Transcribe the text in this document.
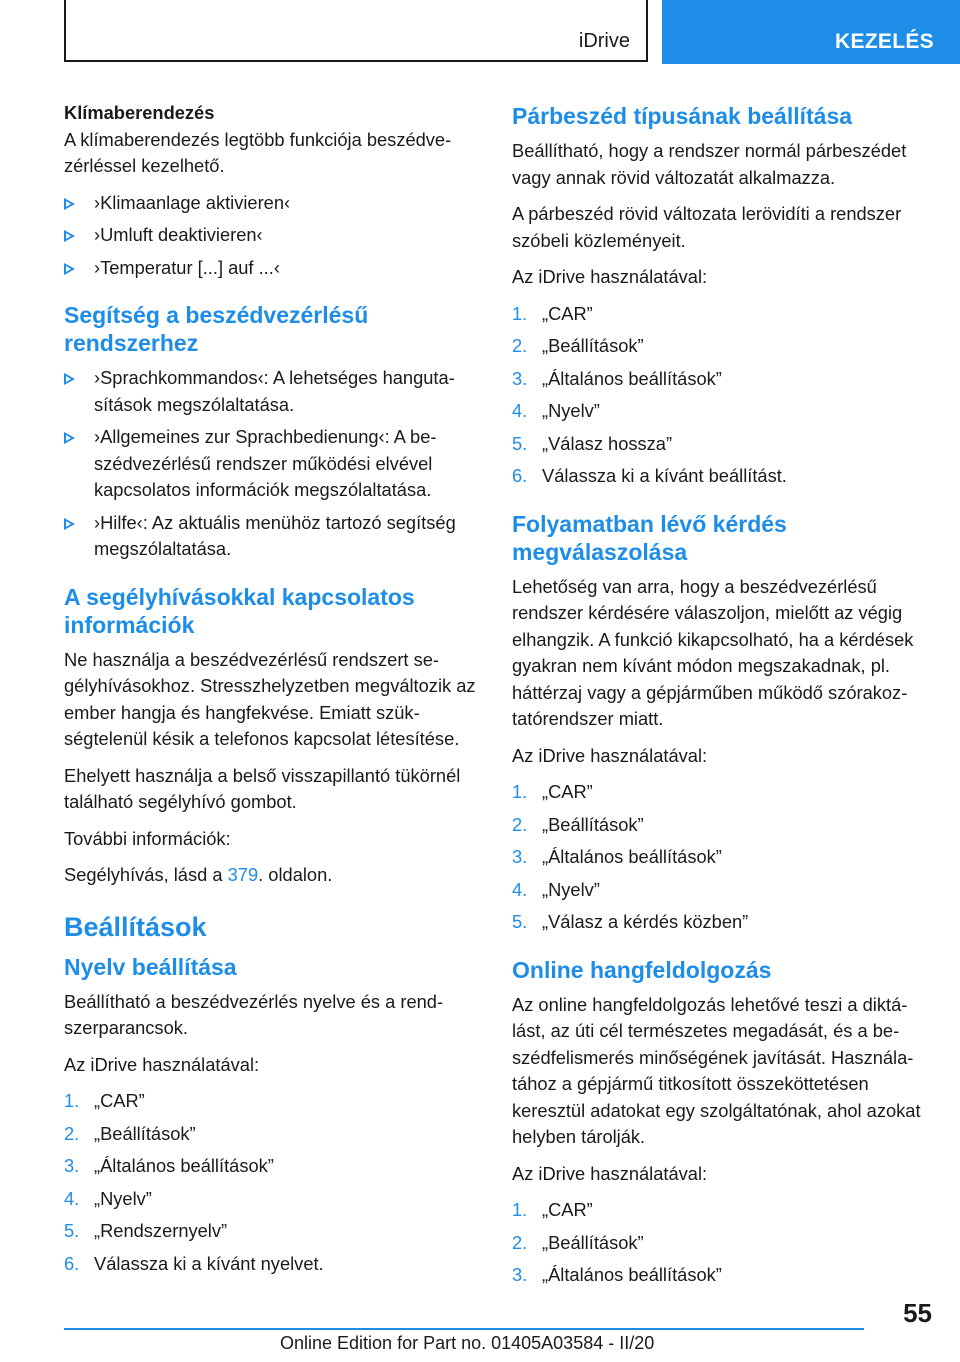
iDrive	KEZELÉS
Klímaberendezés

A klímaberendezés legtöbb funkciója beszédvezérléssel kezelhető.

›Klimaanlage aktivieren‹
›Umluft deaktivieren‹
›Temperatur [...] auf ...‹
Segítség a beszédvezérlésű rendszerhez
›Sprachkommandos‹: A lehetséges hangutasítások megszólaltatása.
›Allgemeines zur Sprachbedienung‹: A beszédvezérlésű rendszer működési elvével kapcsolatos információk megszólaltatása.
›Hilfe‹: Az aktuális menühöz tartozó segítség megszólaltatása.
A segélyhívásokkal kapcsolatos információk

Ne használja a beszédvezérlésű rendszert segélyhívásokhoz. Stresszhelyzetben megváltozik az ember hangja és hangfekvése. Emiatt szükségtelenül késik a telefonos kapcsolat létesítése.

Ehelyett használja a belső visszapillantó tükörnél található segélyhívó gombot.

További információk:

Segélyhívás, lásd a 379. oldalon.

Beállítások
Nyelv beállítása

Beállítható a beszédvezérlés nyelve és a rendszerparancsok.

Az iDrive használatával:

1. „CAR”
2. „Beállítások”
3. „Általános beállítások”
4. „Nyelv”
5. „Rendszernyelv”
6. Válassza ki a kívánt nyelvet.
Párbeszéd típusának beállítása

Beállítható, hogy a rendszer normál párbeszédet vagy annak rövid változatát alkalmazza.

A párbeszéd rövid változata lerövidíti a rendszer szóbeli közleményeit.

Az iDrive használatával:

1. „CAR”
2. „Beállítások”
3. „Általános beállítások”
4. „Nyelv”
5. „Válasz hossza”
6. Válassza ki a kívánt beállítást.
Folyamatban lévő kérdés megválaszolása

Lehetőség van arra, hogy a beszédvezérlésű rendszer kérdésére válaszoljon, mielőtt az végig elhangzik. A funkció kikapcsolható, ha a kérdések gyakran nem kívánt módon megszakadnak, pl. háttérzaj vagy a gépjárműben működő szórakoztatórendszer miatt.

Az iDrive használatával:

1. „CAR”
2. „Beállítások”
3. „Általános beállítások”
4. „Nyelv”
5. „Válasz a kérdés közben”
Online hangfeldolgozás

Az online hangfeldolgozás lehetővé teszi a diktálást, az úti cél természetes megadását, és a beszédfelismerés minőségének javítását. Használatához a gépjármű titkosított összeköttetésen keresztül adatokat egy szolgáltatónak, ahol azokat helyben tárolják.

Az iDrive használatával:

1. „CAR”
2. „Beállítások”
3. „Általános beállítások”
55
Online Edition for Part no. 01405A03584 - II/20
